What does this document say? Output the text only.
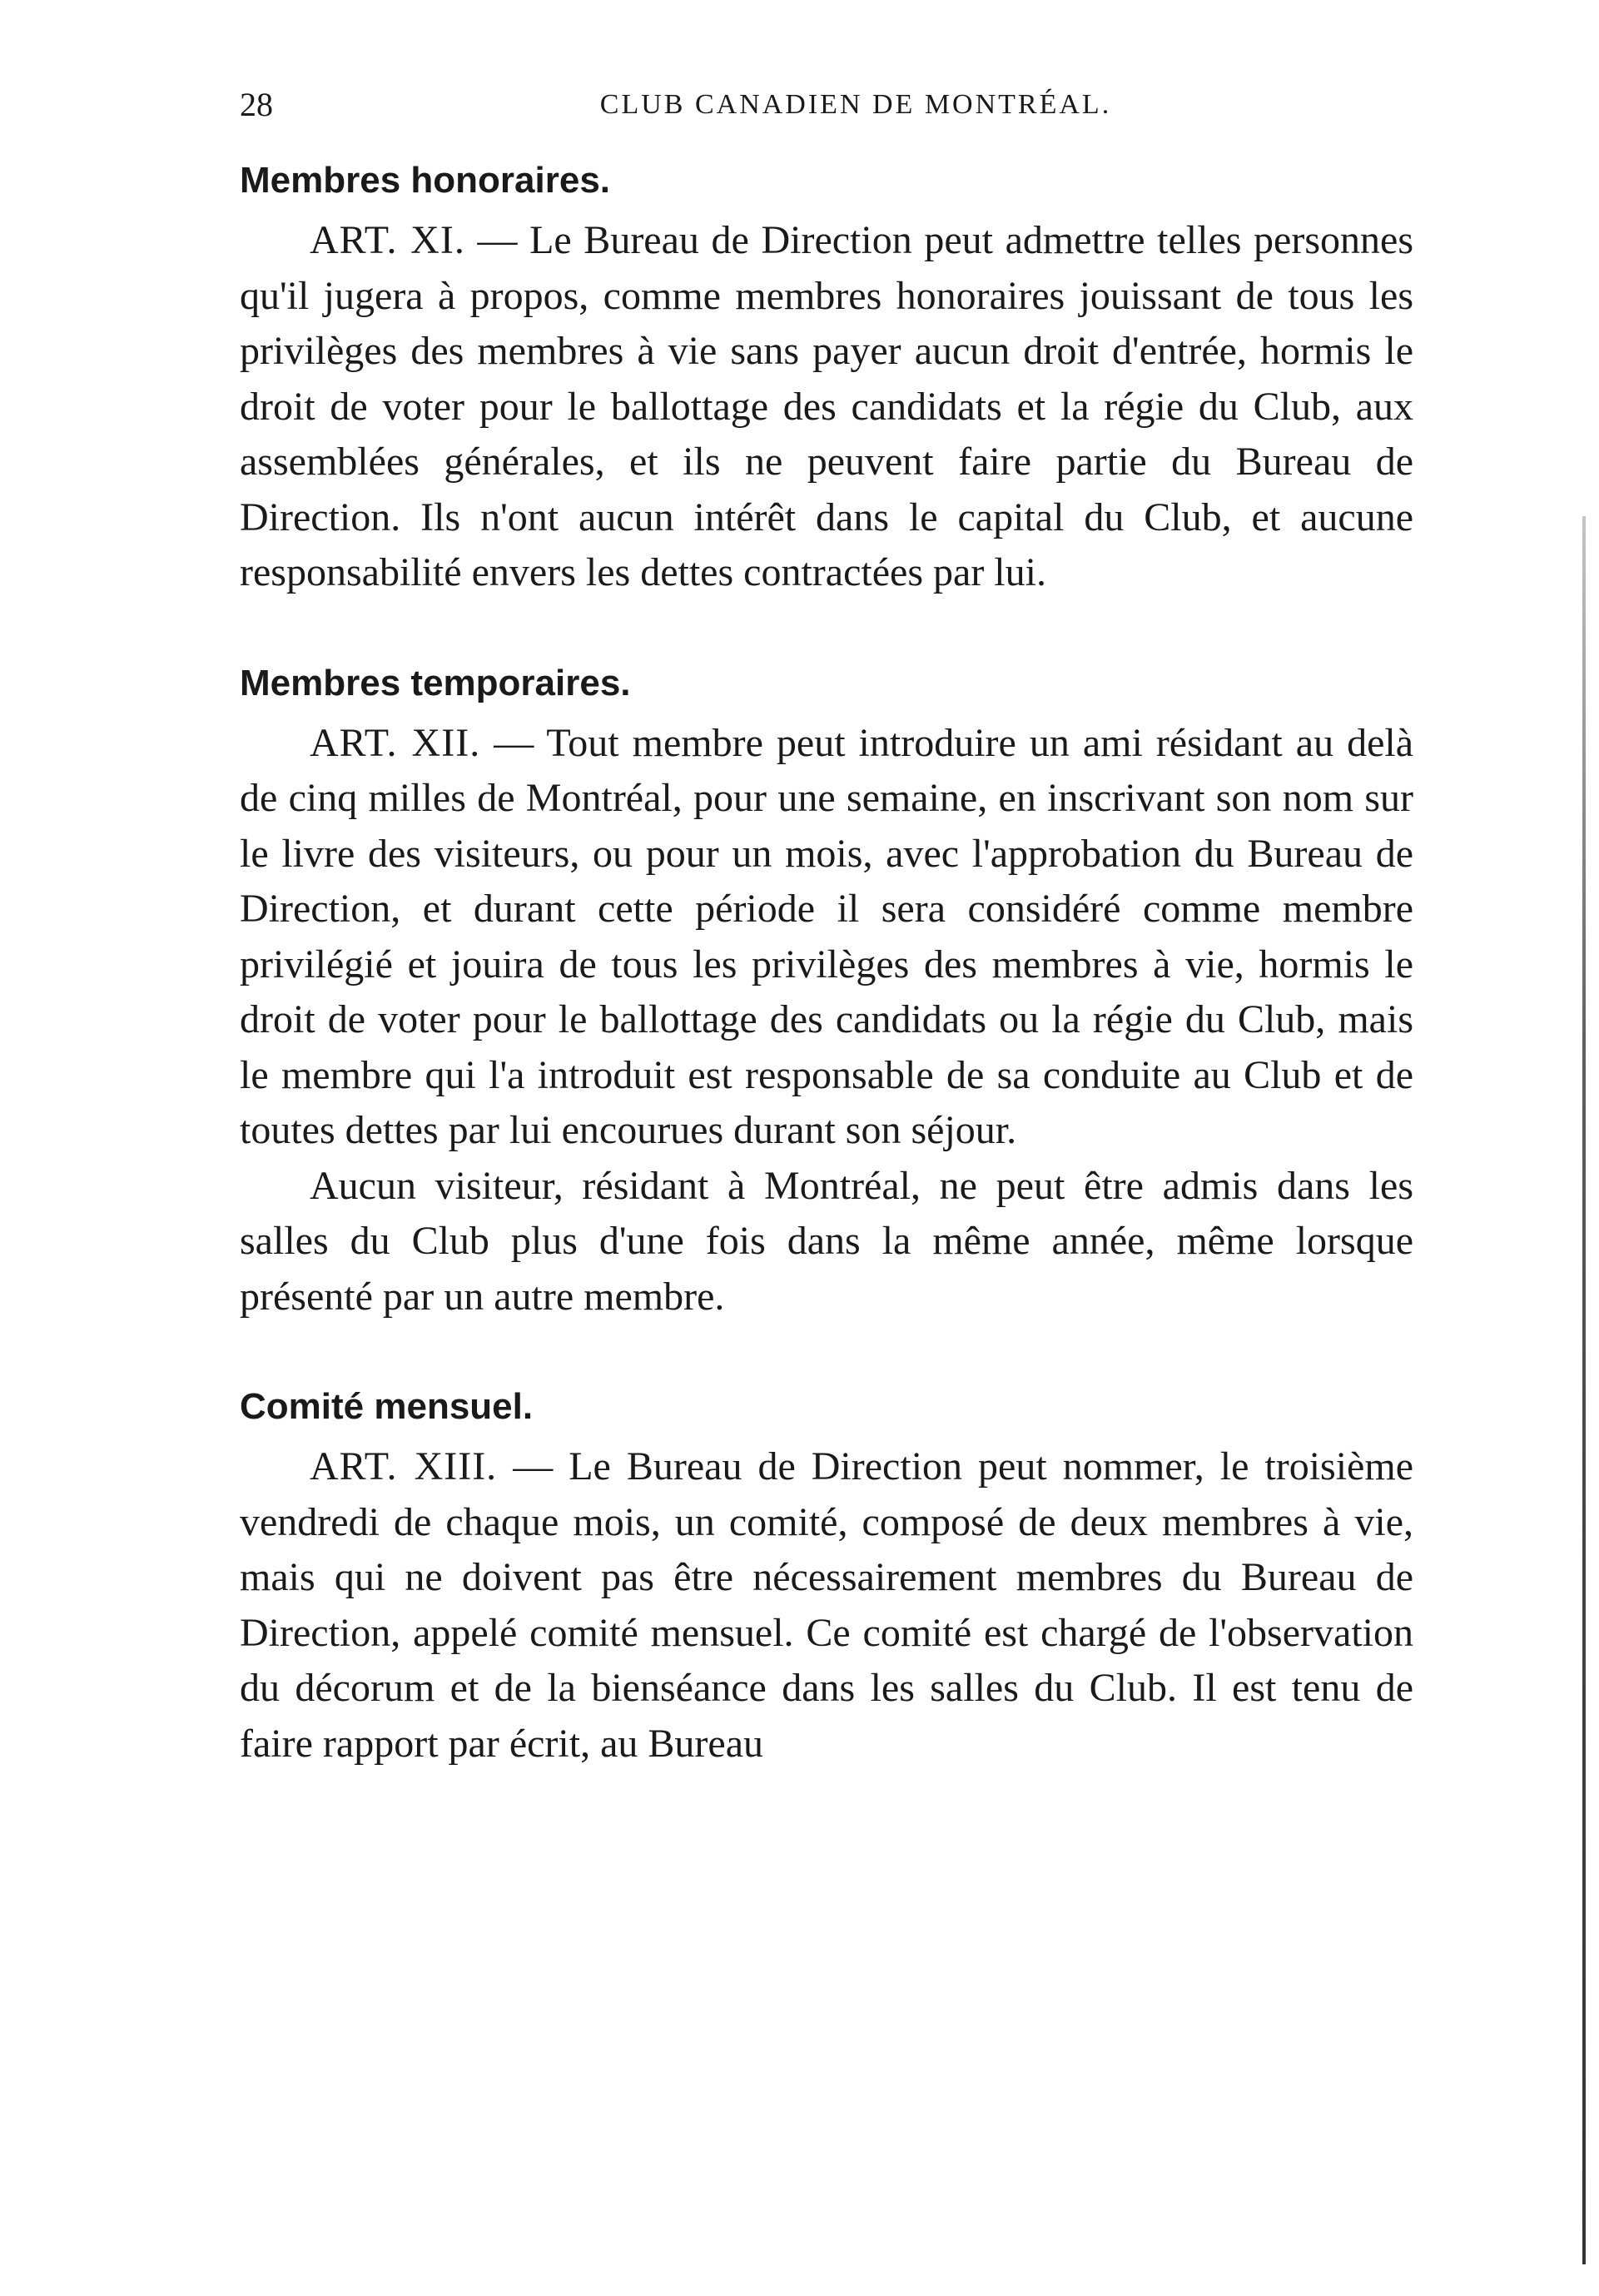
28	CLUB CANADIEN DE MONTRÉAL.
Membres honoraires.

ART. XI. — Le Bureau de Direction peut admettre telles personnes qu'il jugera à propos, comme membres honoraires jouissant de tous les privilèges des membres à vie sans payer aucun droit d'entrée, hormis le droit de voter pour le ballottage des candidats et la régie du Club, aux assemblées générales, et ils ne peuvent faire partie du Bureau de Direction. Ils n'ont aucun intérêt dans le capital du Club, et aucune responsabilité envers les dettes contractées par lui.

Membres temporaires.

ART. XII. — Tout membre peut introduire un ami résidant au delà de cinq milles de Montréal, pour une semaine, en inscrivant son nom sur le livre des visiteurs, ou pour un mois, avec l'approbation du Bureau de Direction, et durant cette période il sera considéré comme membre privilégié et jouira de tous les privilèges des membres à vie, hormis le droit de voter pour le ballottage des candidats ou la régie du Club, mais le membre qui l'a introduit est responsable de sa conduite au Club et de toutes dettes par lui encourues durant son séjour.

Aucun visiteur, résidant à Montréal, ne peut être admis dans les salles du Club plus d'une fois dans la même année, même lorsque présenté par un autre membre.

Comité mensuel.

ART. XIII. — Le Bureau de Direction peut nommer, le troisième vendredi de chaque mois, un comité, composé de deux membres à vie, mais qui ne doivent pas être nécessairement membres du Bureau de Direction, appelé comité mensuel. Ce comité est chargé de l'observation du décorum et de la bienséance dans les salles du Club. Il est tenu de faire rapport par écrit, au Bureau
